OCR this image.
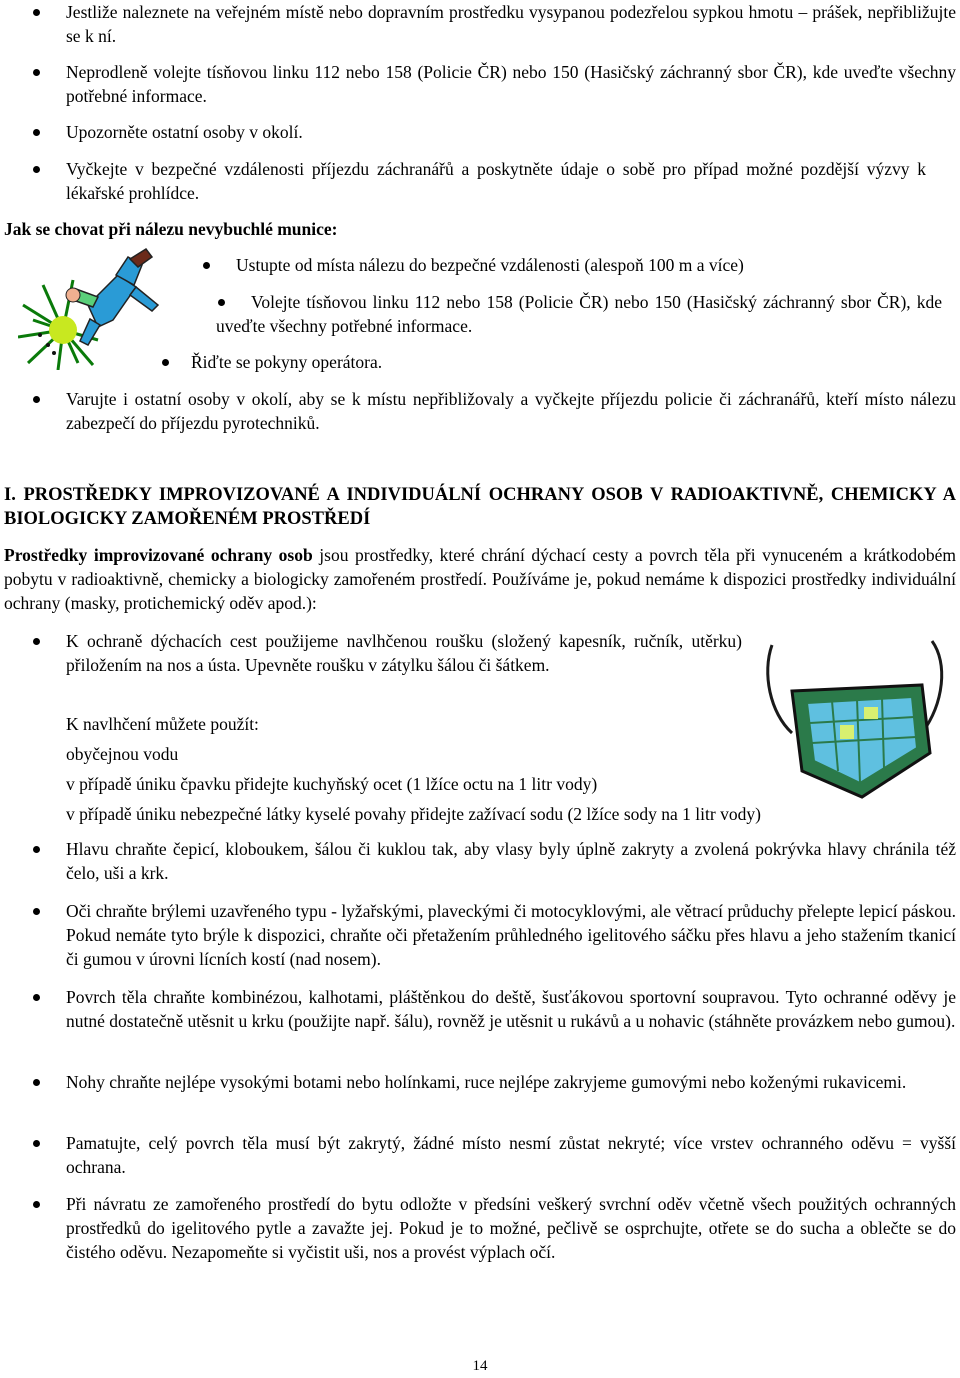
Jestliže naleznete na veřejném místě nebo dopravním prostředku vysypanou podezřelou sypkou hmotu – prášek, nepřibližujte se k ní.
Neprodleně volejte tísňovou linku 112 nebo 158 (Policie ČR) nebo 150 (Hasičský záchranný sbor ČR), kde uveďte všechny potřebné informace.
Upozorněte ostatní osoby v okolí.
Vyčkejte v bezpečné vzdálenosti příjezdu záchranářů a poskytněte údaje o sobě pro případ možné pozdější výzvy k lékařské prohlídce.
Jak se chovat při nálezu nevybuchlé munice:
Ustupte od místa nálezu do bezpečné vzdálenosti (alespoň 100 m a více)
Volejte tísňovou linku 112 nebo 158 (Policie ČR) nebo 150 (Hasičský záchranný sbor ČR), kde uveďte všechny potřebné informace.
Řiďte se pokyny operátora.
Varujte i ostatní osoby v okolí, aby se k místu nepřibližovaly a vyčkejte příjezdu policie či záchranářů, kteří místo nálezu zabezpečí do příjezdu pyrotechniků.
I. PROSTŘEDKY IMPROVIZOVANÉ A INDIVIDUÁLNÍ OCHRANY OSOB V RADIOAKTIVNĚ, CHEMICKY A BIOLOGICKY ZAMOŘENÉM PROSTŘEDÍ
Prostředky improvizované ochrany osob jsou prostředky, které chrání dýchací cesty a povrch těla při vynuceném a krátkodobém pobytu v radioaktivně, chemicky a biologicky zamořeném prostředí. Používáme je, pokud nemáme k dispozici prostředky individuální ochrany (masky, protichemický oděv apod.):
K ochraně dýchacích cest použijeme navlhčenou roušku (složený kapesník, ručník, utěrku) přiložením na nos a ústa. Upevněte roušku v zátylku šálou či šátkem.
K navlhčení můžete použít:
obyčejnou vodu
v případě úniku čpavku přidejte kuchyňský ocet (1 lžíce octu na 1 litr vody)
v případě úniku nebezpečné látky kyselé povahy přidejte zažívací sodu (2 lžíce sody na 1 litr vody)
Hlavu chraňte čepicí, kloboukem, šálou či kuklou tak, aby vlasy byly úplně zakryty a zvolená pokrývka hlavy chránila též čelo, uši a krk.
Oči chraňte brýlemi uzavřeného typu - lyžařskými, plaveckými či motocyklovými, ale větrací průduchy přelepte lepicí páskou. Pokud nemáte tyto brýle k dispozici, chraňte oči přetažením průhledného igelitového sáčku přes hlavu a jeho stažením tkanicí či gumou v úrovni lícních kostí (nad nosem).
Povrch těla chraňte kombinézou, kalhotami, pláštěnkou do deště, šusťákovou sportovní soupravou. Tyto ochranné oděvy je nutné dostatečně utěsnit u krku (použijte např. šálu), rovněž je utěsnit u rukávů a u nohavic (stáhněte provázkem nebo gumou).
Nohy chraňte nejlépe vysokými botami nebo holínkami, ruce nejlépe zakryjeme gumovými nebo koženými rukavicemi.
Pamatujte, celý povrch těla musí být zakrytý, žádné místo nesmí zůstat nekryté; více vrstev ochranného oděvu = vyšší ochrana.
Při návratu ze zamořeného prostředí do bytu odložte v předsíni veškerý svrchní oděv včetně všech použitých ochranných prostředků do igelitového pytle a zavažte jej. Pokud je to možné, pečlivě se osprchujte, otřete se do sucha a oblečte se do čistého oděvu. Nezapomeňte si vyčistit uši, nos a provést výplach očí.
14
